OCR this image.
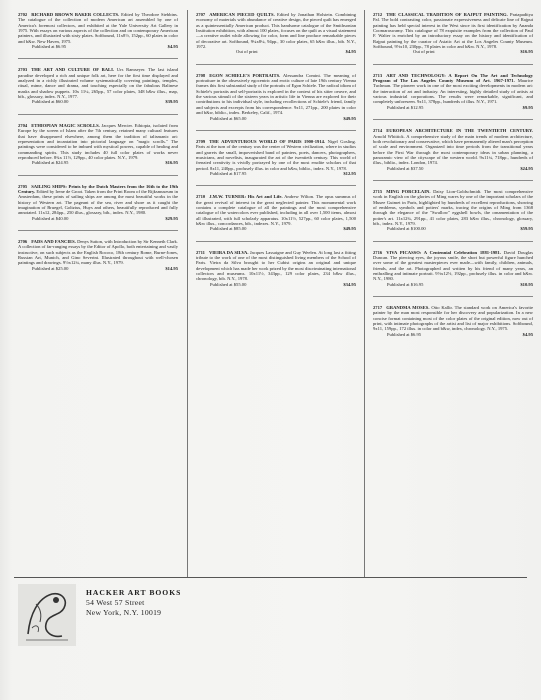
2702 RICHARD BROWN BAKER COLLECTS. Edited by Theodore Stebbins. The catalogue of the collection of modern American art assembled by one of America's foremost collectors, and exhibited at the Yale University Art Gallery in 1975. With essays on various aspects of the collection and on contemporary American painters, and illustrated with sixty plates. Softbound, 11x8½, 152pp., 60 plates in color and b&w. New Haven, 1975.
Published at $6.95	$4.95
2703 THE ART AND CULTURE OF BALI. Urs Ramseyer. The last island paradise developed a rich and unique folk art, here for the first time displayed and analyzed in a richly illustrated volume systematically covering paintings, temples, ritual, mime, dance and drama, and touching especially on the fabulous Balinese masks and shadow puppets. 10x 11¼, 265pp., 57 color plates, 348 b&w illus., map, bib., glossary, index. N.Y., 1977.
Published at $60.00	$39.95
2704 ETHIOPIAN MAGIC SCROLLS. Jacques Mercier. Ethiopia, isolated from Europe by the screen of Islam after the 7th century, retained many cultural features that have disappeared elsewhere, among them the tradition of talismanic art: representation and incantation into pictorial language on "magic scrolls." The paintings were considered to be imbued with mystical powers, capable of healing and commanding spirits. This study includes 40 full color plates of works never reproduced before. 8¾x 11½, 129pp., 40 color plates. N.Y., 1979.
Published at $24.95	$16.95
2705 SAILING SHIPS: Prints by the Dutch Masters from the 16th to the 19th Century. Edited by Irene de Groot. Taken from the Print Room of the Rijksmuseum in Amsterdam, these prints of sailing ships are among the most beautiful works in the history of Western art. The pageant of the sea, river and shore as it caught the imagination of Bruegel, Goltzius, Huys and others, beautifully reproduced and fully annotated. 11x12, 284pp., 250 illus., glossary, bib., index. N.Y., 1980.
Published at $40.00	$29.95
2706 FADS AND FANCIES. Denys Sutton, with Introduction by Sir Kenneth Clark. A collection of far-ranging essays by the Editor of Apollo, both entertaining and vastly instructive, on such subjects as the English Rococo, 18th century Rome, Burne-Jones, Russian Art, Munich, and Gino Severini. Illustrated throughout with well-chosen paintings and drawings. 9½x12¼, many illus. N.Y., 1979.
Published at $25.00	$14.95
2707 AMERICAN PIECED QUILTS. Edited by Jonathan Holstein. Combining economy of materials with abundance of creative design, the pieced quilt has emerged as a quintessentially American product. This handsome catalogue of the Smithsonian Institution exhibition, with almost 100 plates, focuses on the quilt as a visual statement—a creative outlet while allowing for color, form and line produce remarkable pieces of decorative art. Softbound, 9¼x8¼, 94pp., 30 color plates, 65 b&w illus., bib. N.Y., 1972.
Out of print	$4.95
2708 EGON SCHIELE'S PORTRAITS. Alessandra Comini. The meaning of portraiture in the obsessively egocentric and erotic culture of late 19th century Vienna frames this first substantial study of the portraits of Egon Schiele. The radical idiom of Schiele's portraits and self-portraits is explored in the context of his sitter oeuvre, and the various stimuli of the sixteen years in artistic life in Vienna are explored for their contributions to his individual style, including recollections of Schiele's friend, family and subjects and excerpts from his correspondence. 9x11, 271pp., 200 plates in color and b&w, biblio., index. Berkeley, Calif., 1974.
Published at $65.00	$49.95
2709 THE ADVENTUROUS WORLD OF PARIS 1900-1914. Nigel Gosling. Paris at the turn of the century was the center of Western civilization, where in studios and garrets the small, impoverished band of painters, poets, dancers, photographers, musicians, and novelists, inaugurated the art of the twentieth century. This world of frenzied creativity is vividly portrayed by one of the most erudite scholars of that period. 8x11, 240pp., profusely illus. in color and b&w, biblio., index. N.Y., 1978.
Published at $17.95	$12.95
2710 J.M.W. TURNER: His Art and Life. Andrew Wilton. The opus summus of the great revival of interest in the great neglected painter. This monumental work contains a complete catalogue of all the paintings and the most comprehensive catalogue of the watercolors ever published, including in all over 1,500 items, almost all illustrated, with full scholarly apparatus. 10x11½, 527pp., 60 color plates, 1,500 b&w illus., concordances, bib., indexes. N.Y., 1979.
Published at $85.00	$49.95
2711 VIEIRA DA SILVA. Jacques Lassaigne and Guy Weelen. At long last a fitting tribute to the work of one of the most distinguished living members of the School of Paris. Vieira da Silva brought to her Cubist origins an original and unique development which has made her work prized by the most discriminating international collectors and museums. 10x11½, 343pp., 129 color plates, 234 b&w illus., chronology, bib. N.Y., 1978.
Published at $55.00	$34.95
2712 THE CLASSICAL TRADITION OF RAJPUT PAINTING. Pratapaditya Pal. The bold contrasting color, passionate expressiveness and delicate line of Rajput painting has held special interest in the West since its first identification by Ananda Coomaraswamy. This catalogue of 78 exquisite examples from the collection of Paul F. Walter is enriched by an introductory essay on the history and identification of Rajput painting by the curator of Asiatic Art at the Los Angeles County Museum. Softbound, 9½x10, 230pp., 78 plates in color and b&w. N.Y., 1978.
Out of print	$16.95
2713 ART AND TECHNOLOGY: A Report On The Art and Technology Program of The Los Angeles County Museum of Art. 1967-1971. Maurice Tuchman. The pioneer work in one of the most exciting developments in modern art: the interaction of art and industry. An interesting, highly detailed study of artists at various industrial corporations. The results were remarkable, significant, and completely unforeseen. 9x11, 378pp., hundreds of illus. N.Y., 1971.
Published at $12.95	$9.95
2714 EUROPEAN ARCHITECTURE IN THE TWENTIETH CENTURY. Arnold Whittick. A comprehensive study of the main trends of modern architecture, both revolutionary and conservative, which have permanently altered man's perception of scale and environment. Organized into time periods from the transitional years before the First War through the most contemporary ideas in urban planning, a panoramic view of the cityscape of the western world. 9x11¼, 718pp., hundreds of illus., biblio., index. London, 1974.
Published at $37.50	$24.95
2715 MING PORCELAIN. Daisy Lion-Goldschmidt. The most comprehensive work in English on the glories of Ming wares by one of the important scholars of the Musee Guimet in Paris, highlighted by hundreds of excellent reproductions, showing of emblems, symbols and potters' marks, tracing the origins of Ming from 1368 through the elegance of the "Swallow" eggshell bowls, the ornamentation of the potter's art. 11x12¾, 291pp., 41 color plates, 283 b&w illus., chronology, glossary, bib., index. N.Y., 1979.
Published at $100.00	$59.95
2716 VIVA PICASSO: A Centennial Celebration 1881-1981. David Douglas Duncan. The piercing eyes, the joyous smile, the short but powerful figure hunched over some of the greatest masterpieces ever made—with family, children, animals, friends, and the art. Photographed and written by his friend of many years, an enthralling and intimate portrait. 9½x12½, 192pp., profusely illus. in color and b&w. N.Y., 1980.
Published at $16.95	$10.95
2717 GRANDMA MOSES. Otto Kallir. The standard work on America's favorite painter by the man most responsible for her discovery and popularization. In a new concise format containing most of the color plates of the original edition, now out of print, with intimate photographs of the artist and list of major exhibitions. Softbound, 9x11, 159pp., 172 illus. in color and b&w, index, chronology. N.Y., 1975.
Published at $6.95	$4.95
HACKER ART BOOKS
54 West 57 Street
New York, N.Y. 10019
